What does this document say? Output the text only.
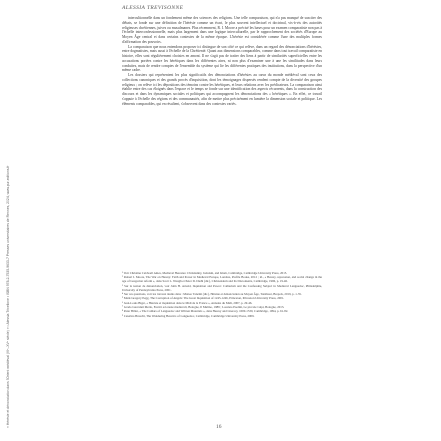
ALESSIA TREVISONNE

intercultionnelle dans un fondement même des sciences des religions. Une telle comparaison, qui n'a pas manqué de susciter des débats, se fonde sur une définition de l'hérésie comme un écart, le plus souvent intellectuel et doctrinal, vis-à-vis des autorités religieuses chrétiennes, juives ou musulmanes. Plus récemment, R. I. Moore a précisé les bases pour un examen comparatiste non pas à l'échelle interconfessionnelle, mais plus largement dans une logique interculturelle, par le rapprochement des sociétés d'Europe au Moyen Âge central et dans certains contextes de la même époque. L'hérésie est considérée comme l'une des multiples formes d'affirmation des pouvoirs.

La comparaison que nous entendons proposer ici distingue de son côté ce qui relève, dans un regard des dénonciations d'hérésies, entre dogmatistes, mais aussi à l'échelle de la Chrétienté. Quant aux dimensions comparables, comme dans tout travail comparatiste en histoire, elles sont régulièrement choisies en amont. Il ne s'agit pas de traiter des liens à partir de similarités superficielles entre les accusations portées contre les hérétiques dans les différentes aires, ni non plus d'examiner une à une les similitudes dans leurs conduites, mais de rendre comptes de l'ensemble du système qui lie les différentes pratiques des institutions, dans la perspective d'un même cadre.

Les dossiers qui représentent les plus significatifs des dénonciations d'hérésies au cœur du monde médiéval sont ceux des collections canoniques et des grands procès d'inquisition, dont les témoignages dispersés rendent compte de la diversité des groupes religieux ; on relève ici les dépositions des témoins contre les hérétiques, et leurs relations avec les prédicateurs. La comparaison ainsi établie entre des cas éloignés dans l'espace et le temps se fonde sur une identification des aspects récurrents, dans la construction des discours et dans les dynamiques sociales et politiques qui accompagnent les dénonciations des « hérétiques ». En effet, ce travail s'appuie à l'échelle des régions et des communautés, afin de mettre plus précisément en lumière la dimension sociale et politique. Les éléments comparables, qui en résultent, s'observent dans des contextes variés.

¹ Voir Christine Caldwell Ames, Medieval Heresies: Christianity, Judaism, and Islam, Cambridge, Cambridge University Press, 2015.

² Robert I. Moore, The War on Heresy: Faith and Power in Medieval Europe, Londres, Profile Books, 2012 ; id., « Heresy, repression, and social change in the age of Gregorian reform », dans Scott L. Waugh et Peter D. Diehl (dir.), Christendom and Its Discontents, Cambridge, 1996, p. 19-46.

³ Sur la notion de dénonciation, voir John H. Arnold, Inquisition and Power: Catharism and the Confessing Subject in Medieval Languedoc, Philadelphie, University of Pennsylvania Press, 2001.

⁴ Sur ces questions, voir les travaux réunis dans : Matteo Tanzini (dir.), Hérésie et dénonciation au Moyen Âge, Turnhout, Brepols, 2019, p. 1-35.

⁵ Mark Gregory Pegg, The Corruption of Angels: The Great Inquisition of 1245-1246, Princeton, Princeton University Press, 2001.

⁶ Jean-Louis Biget, « Hérésie et inquisition dans le Midi de la France », Annales du Midi, 2007, p. 29-46.

⁷ Grado Giovanni Merlo, Eretici ed eresie medievali, Bologne, Il Mulino, 1989 ; Lorenzo Paolini, Le piccole volpi, Bologne, 2013.

⁸ Peter Biller, « The Cathars of Languedoc and Written Materials », dans Heresy and Literacy, 1000-1530, Cambridge, 1994, p. 61-82.

⁹ Caterina Bruschi, The Wandering Heretics of Languedoc, Cambridge, Cambridge University Press, 2009.

16
« Hérésie et dénonciation dans l'Orient médiéval (VIᵉ–XVᵉ siècle) » • Alessia Trivellone • ISBN 978-2-7535-9633-7 Presses universitaires de Rennes, 2024, www.pur-editions.fr
